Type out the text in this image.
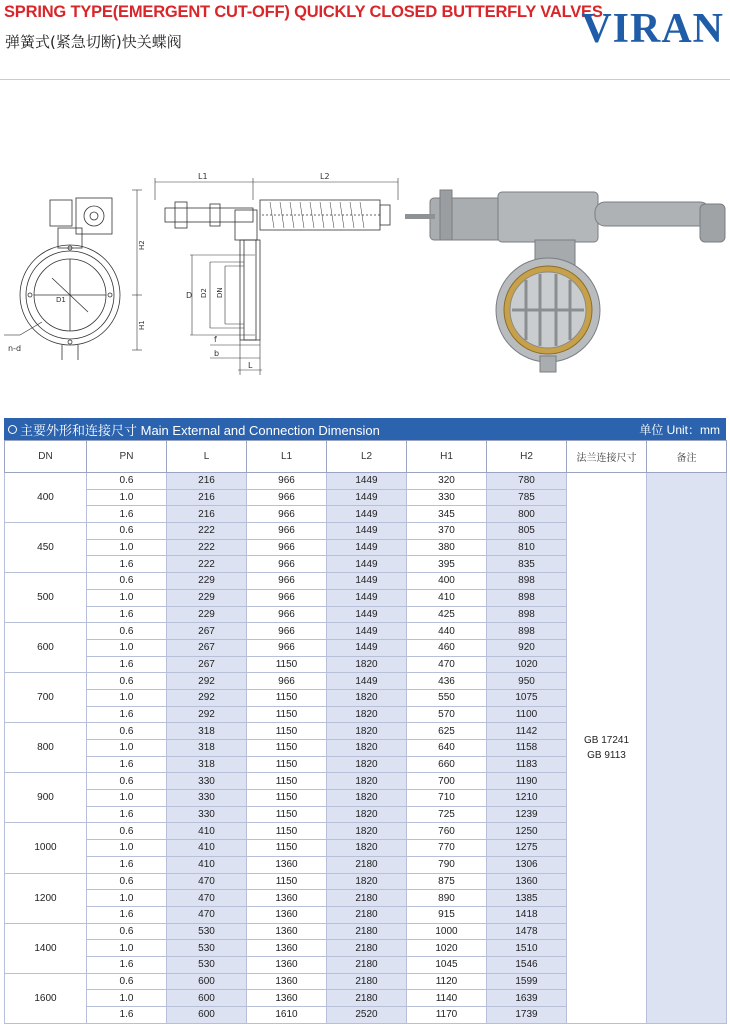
SPRING TYPE(EMERGENT CUT-OFF) QUICKLY CLOSED BUTTERFLY VALVES
弹簧式(紧急切断)快关蝶阀	VIRAN
D1
n-d
H2
H1
L1	L2
D D2 DN
f
b
L
主要外形和连接尺寸 Main External and Connection Dimension	单位 Unit：mm
DN	PN	L	L1	L2	H1	H2	法兰连接尺寸	备注
400	0.6	216	966	1449	320	780	GB 17241
GB 9113	

	1.0	216	966	1449	330	785		
	1.6	216	966	1449	345	800		
450	0.6	222	966	1449	370	805		
	1.0	222	966	1449	380	810		
	1.6	222	966	1449	395	835		
500	0.6	229	966	1449	400	898		
	1.0	229	966	1449	410	898		
	1.6	229	966	1449	425	898		
600	0.6	267	966	1449	440	898		
	1.0	267	966	1449	460	920		
	1.6	267	1150	1820	470	1020		
700	0.6	292	966	1449	436	950		
	1.0	292	1150	1820	550	1075		
	1.6	292	1150	1820	570	1100		
800	0.6	318	1150	1820	625	1142		
	1.0	318	1150	1820	640	1158		
	1.6	318	1150	1820	660	1183		
900	0.6	330	1150	1820	700	1190		
	1.0	330	1150	1820	710	1210		
	1.6	330	1150	1820	725	1239		
1000	0.6	410	1150	1820	760	1250		
	1.0	410	1150	1820	770	1275		
	1.6	410	1360	2180	790	1306		
1200	0.6	470	1150	1820	875	1360		
	1.0	470	1360	2180	890	1385		
	1.6	470	1360	2180	915	1418		
1400	0.6	530	1360	2180	1000	1478		
	1.0	530	1360	2180	1020	1510		
	1.6	530	1360	2180	1045	1546		
1600	0.6	600	1360	2180	1120	1599		
	1.0	600	1360	2180	1140	1639		
	1.6	600	1610	2520	1170	1739		
